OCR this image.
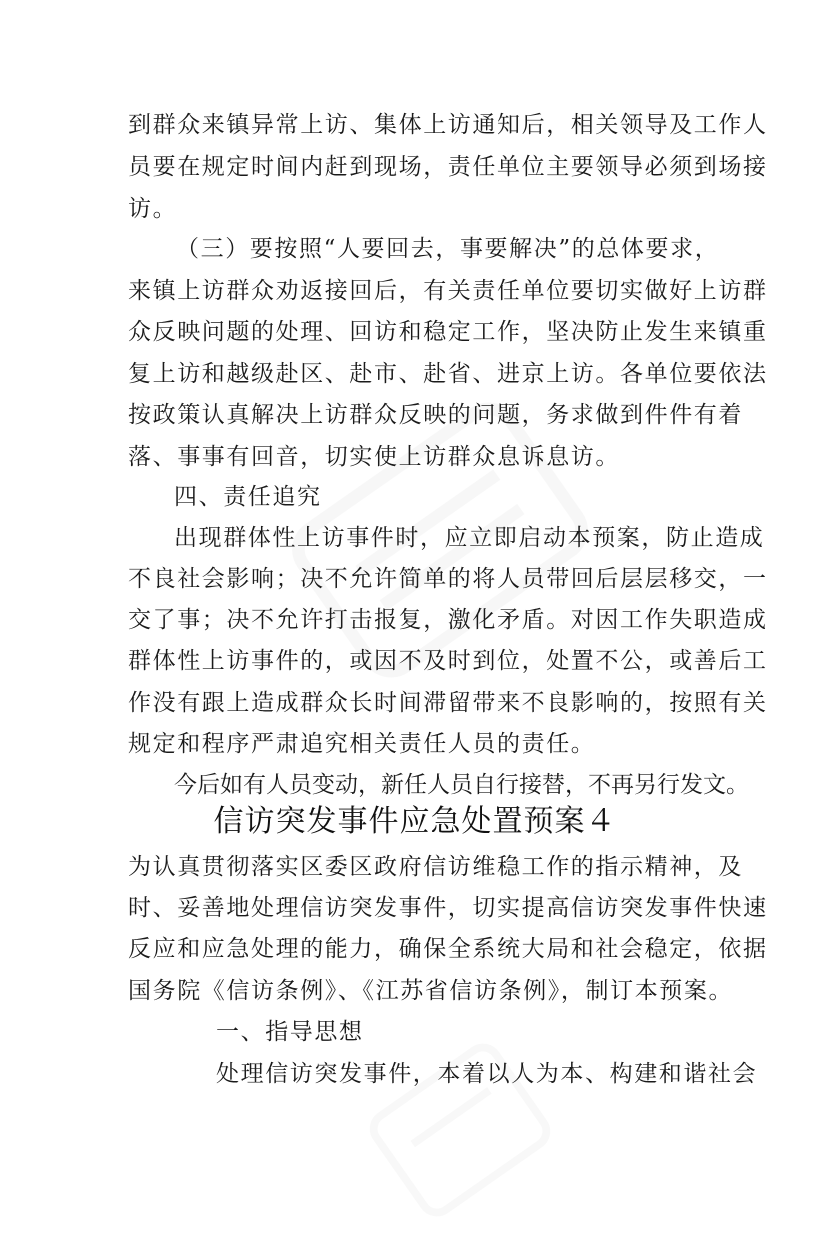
到群众来镇异常上访、集体上访通知后，相关领导及工作人
员要在规定时间内赶到现场，责任单位主要领导必须到场接
访。
（三）要按照“人要回去，事要解决”的总体要求，
来镇上访群众劝返接回后，有关责任单位要切实做好上访群
众反映问题的处理、回访和稳定工作，坚决防止发生来镇重
复上访和越级赴区、赴市、赴省、进京上访。各单位要依法
按政策认真解决上访群众反映的问题，务求做到件件有着
落、事事有回音，切实使上访群众息诉息访。
四、责任追究
出现群体性上访事件时，应立即启动本预案，防止造成
不良社会影响；决不允许简单的将人员带回后层层移交，一
交了事；决不允许打击报复，激化矛盾。对因工作失职造成
群体性上访事件的，或因不及时到位，处置不公，或善后工
作没有跟上造成群众长时间滞留带来不良影响的，按照有关
规定和程序严肃追究相关责任人员的责任。
今后如有人员变动，新任人员自行接替，不再另行发文。
信访突发事件应急处置预案４
为认真贯彻落实区委区政府信访维稳工作的指示精神，及
时、妥善地处理信访突发事件，切实提高信访突发事件快速
反应和应急处理的能力，确保全系统大局和社会稳定，依据
国务院《信访条例》、《江苏省信访条例》，制订本预案。
一、指导思想
处理信访突发事件，本着以人为本、构建和谐社会
